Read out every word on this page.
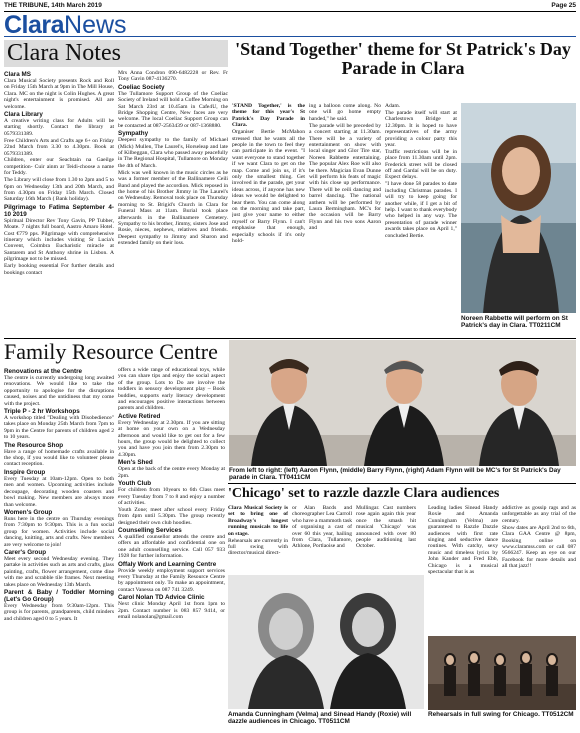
THE TRIBUNE, 14th March 2019	Page 25
ClaraNews
Clara Notes
Clara MS

Clara Musical Society presents Rock and Roll on Friday 15th March at 9pm in The Mill House, Clara. MC on the night is Colin Hughes. A great night's entertainment is promised. All are welcome.

Clara Library

A creative writing class for Adults will be starting shortly. Contact the library at 0579331389.

Free Children's Arts and Crafts age 6+ on Friday 22nd March from 3.30 to 4.30pm. Book at 0579331389.

Children, enter our Seachtain na Gaeilge competition- Cuir ainm ar Teidi-choose a name for Teddy.

The Library will close from 1.30 to 2pm and 5 to 6pm on Wednesday 13th and 20th March, and from 4.30pm on Friday 15th March. Closed Saturday 16th March ( Bank holiday).

Pilgrimage to Fatima September 4-10 2019

Spiritual Director Rev Tony Gavin, PP Tubber, Moate. 7 nights full board, Aastro Amaro Hotel. Cost €779 pps. Pilgrimage with comprehensive itinerary which includes visiting Sr Lucia's Convent, Coimbra Eucharistic miracle at Santarem and St Anthony shrine in Lisbon. A pilgrimage not to be missed.

Early booking essential For further details and bookings contact

Mrs Anna Condron 090-6482228 or Rev. Fr Tony Gavin 087-4136270.

Coeliac Society

The Tullamore Support Group of the Coeliac Society of Ireland will hold a Coffee Morning on Sat March 23rd at 10.45am in Cafe4U, the Bridge Shopping Centre, New faces are very welcome. The local Coeliac Support Group can be contacted at 087-2563439 or 087-1368880.

Sympathy

Deepest sympathy to the family of Michael (Mick) Mullen, The Laurel's, Horseleap and late of Kilbeggan, Clara who passed away peacefully in The Regional Hospital, Tullamore on Monday the 4th of March.

Mick was well known in the music circles as he was a former member of the Ballinamere Ceili Band and played the accordion. Mick reposed in the home of his Brother Jimmy in The Laurel's on Wednesday. Removal took place on Thursday morning to St. Brigid's Church in Clara for Funeral Mass at 11am. Burial took place afterwards in the Ballinamere Cemetery. Sympathy to his brother, Jimmy, sisters Jose and Rosie, nieces, nephews, relatives and friends. Deepest sympathy to Jimmy and Sharon and extended family on their loss.

'Stand Together' theme for St Patrick's Day Parade in Clara

'STAND Together,' is the theme for this year's St Patrick's Day Parade in Clara.

Organiser Bertie McMahon stressed that he wants all the people in the town to feel they can participate in the event. "I want everyone to stand together if we want Clara to get on the map. Come and join us, if it's only the smallest thing. Get involved in the parade, get your ideas across, if anyone has new ideas we would be delighted to hear them. You can come along on the morning and take part, just give your name to either myself or Barry Flynn. I can't emphasise that enough, especially schools if it's only hold-

ing a balloon come along. No one will go home empty handed," he said.

The parade will be preceded by a concert starting at 11.30am. There will be a variety of entertainment on show with local singer and Glor Tire star, Noreen Rabbette entertaining. The popular Alex Roe will also be there. Magician Evan Dunne will perform his feats of magic with his close up performance. There will be ceili dancing and barrel dancing. The national anthem will be performed by Laura Bermingham. MC's for the occasion will be Barry Flynn and his two sons Aaron and

Adam.

The parade itself will start at Charlestown Bridge at 12.30pm. It is hoped to have representatives of the army providing a colour party this year.

Traffic restrictions will be in place from 11.30am until 2pm. Frederick street will be closed off and Gardaí will be on duty. Expect delays.

"I have done 58 parades to date including Christmas parades. I will try to keep going for another while, if I get a bit of help. I want to thank everybody who helped in any way. The presentation of parade winner awards takes place on April 1," concluded Bertie.

Noreen Rabbette will perform on St Patrick's day in Clara. TT0211CM
Family Resource Centre
Renovations at the Centre

The centre is currently undergoing long awaited renovations. We would like to take the opportunity to apologise for the disruptions caused, noises and the untidiness that my come with the project.

Triple P - 2 hr Workshops

A workshop titled "Dealing with Disobedience" takes place on Monday 25th March from 7pm to 9pm in the Centre for parents of children aged 2 to 10 years.

The Resource Shop

Have a range of homemade crafts available in the shop, if you would like to volunteer please contact reception.

Inspire Group

Every Tuesday at 10am-12pm. Open to both men and women. Upcoming activities include decoupage, decorating wooden coasters and bowl making. New members are always more than welcome.

Women's Group

Runs here in the centre on Thursday evenings from 7:30pm to 9:30pm. This is a fun social group for women. Activities include social dancing, knitting, arts and crafts. New members are very welcome to join!

Carer's Group

Meet every second Wednesday evening. They partake in activities such as arts and crafts, glass painting, crafts, flower arrangement, come dine with me and scrabble tile frames. Next meeting takes place on Wednesday 13th March.

Parent & Baby / Toddler Morning (Let's Go Group)

Every Wednesday from 9:30am-12pm. This group is for parents, grandparents, child minders and children aged 0 to 5 years. It

offers a wide range of educational toys, while you can share tips and enjoy the social aspect of the group. Lots to Do are involve the toddlers in sensory development play – Book buddies, supports early literacy development and encourages positive interactions between parents and children.

Active Retired

Every Wednesday at 2.30pm. If you are sitting at home on your own on a Wednesday afternoon and would like to get out for a few hours, the group would be delighted to collect you and have you join them from 2.30pm to 4.30pm.

Men's Shed

Open at the back of the centre every Monday at 2pm.

Youth Club

For children from 10years to 6th Class meet every Tuesday from 7 to 8 and enjoy a number of activities.

Youth Zone; meet after school every Friday from 4pm until 5.30pm. The group recently designed their own club hoodies.

Counselling Services

A qualified counsellor attends the centre and offers an affordable and confidential one on one adult counselling service. Call 057 933 1928 for further information.

Offaly Work and Learning Centre

Provide weekly employment support services every Thursday at the Family Resource Centre by appointment only. To make an appointment, contact Vanessa on 087 741 3249.

Carol Nolan TD Advice Clinic

Next clinic Monday April 1st from 1pm to 2pm. Contact number is 083 857 9414, or email nolanolan@gmail.com

From left to right: (left) Aaron Flynn, (middle) Barry Flynn, (right) Adam Flynn will be MC's for St Patrick's Day parade in Clara. TT0411CM
'Chicago' set to razzle dazzle Clara audiences

Clara Musical Society is set to bring one of Broadway's longest running musicals to life on stage.

Rehearsals are currently in full swing with director/musical direct-

or Alan Bacds and choreographer Lea Carroll who have a mammoth task of organising a cast of over 60 this year, hailing from Clara, Tullamore, Athlone, Portlaoise and

Mullingar. Cast numbers rose again again this year once the smash hit musical 'Chicago' was announced with over 80 people auditioning last October.

Leading ladies Sinead Handy Roxie and Amanda Cunningham (Velma) are guaranteed to Razzle Dazzle audiences with first rate singing and seductive dance routines. With catchy, sexy music and timeless lyrics by John Kander and Fred Ebb, Chicago is a musical spectacular that is as

addictive as gossip rags and as unforgettable as any trial of the century.

Show dates are April 2nd to 6th, Clara GAA Centre @ 8pm, Booking online on www.claramss.com or call 087 9566247. Keep an eye on our Facebook for more details and all that jazz!!

Amanda Cunningham (Velma) and Sinead Handy (Roxie) will dazzle audiences in Chicago. TT0511CM
Rehearsals in full swing for Chicago. TT0512CM
